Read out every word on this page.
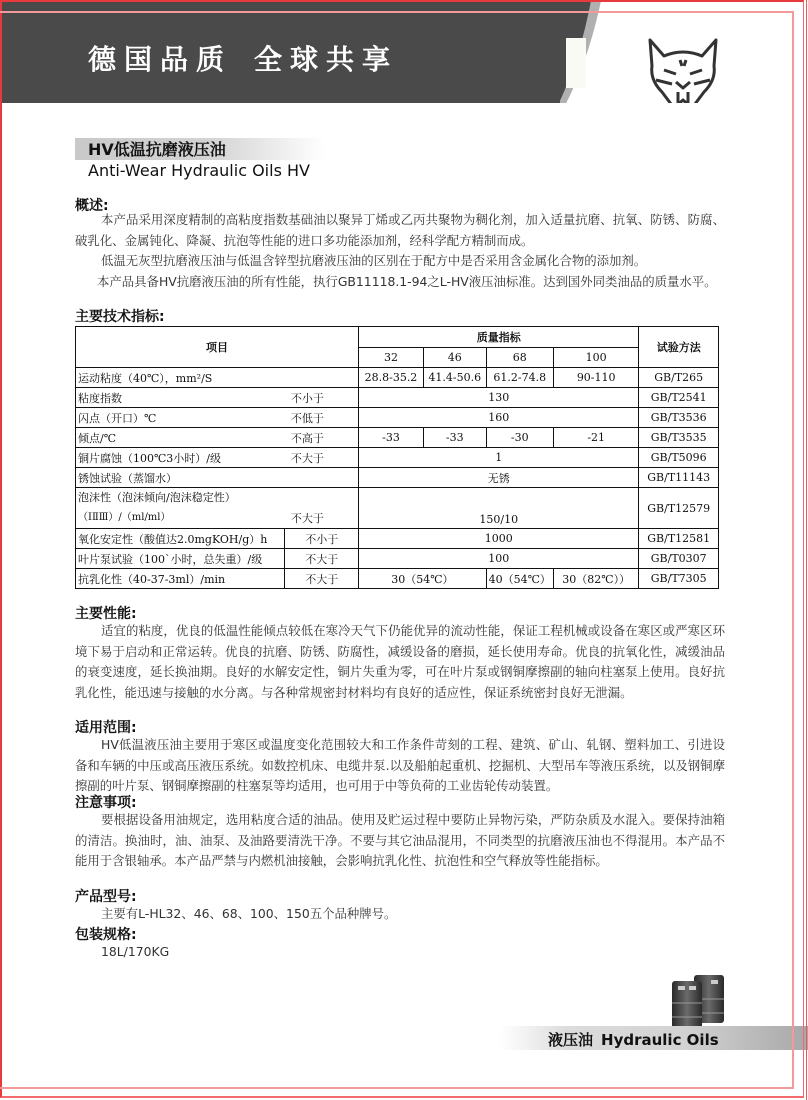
德国品质 全球共享
HV低温抗磨液压油
Anti-Wear Hydraulic Oils HV
概述:

本产品采用深度精制的高粘度指数基础油以聚异丁烯或乙丙共聚物为稠化剂，加入适量抗磨、抗氧、防锈、防腐、破乳化、金属钝化、降凝、抗泡等性能的进口多功能添加剂，经科学配方精制而成。

低温无灰型抗磨液压油与低温含锌型抗磨液压油的区别在于配方中是否采用含金属化合物的添加剂。

本产品具备HV抗磨液压油的所有性能，执行GB11118.1-94之L-HV液压油标准。达到国外同类油品的质量水平。

主要技术指标:
项目		质量指标				试验方法
		32	46	68	100	
运动粘度（40℃），mm²/S		28.8-35.2	41.4-50.6	61.2-74.8	90-110	GB/T265
粘度指数	不小于	130				GB/T2541
闪点（开口）℃	不低于	160				GB/T3536
倾点/℃	不高于	-33	-33	-30	-21	GB/T3535
铜片腐蚀（100℃3小时）/级	不大于	1				GB/T5096
锈蚀试验（蒸馏水）		无锈				GB/T11143

泡沫性（泡沫倾向/泡沫稳定性）
（ⅠⅡⅢ）/（ml/ml）	不大于	150/10				GB/T12579
氧化安定性（酸值达2.0mgKOH/g）h	不小于	1000				GB/T12581
叶片泵试验（100`小时，总失重）/级	不大于	100				GB/T0307
抗乳化性（40-37-3ml）/min	不大于	30（54℃）		40（54℃）	30（82℃））	GB/T7305
主要性能:

适宜的粘度，优良的低温性能倾点较低在寒冷天气下仍能优异的流动性能，保证工程机械或设备在寒区或严寒区环境下易于启动和正常运转。优良的抗磨、防锈、防腐性，减缓设备的磨损，延长使用寿命。优良的抗氧化性，减缓油品的衰变速度，延长换油期。良好的水解安定性，铜片失重为零，可在叶片泵或钢铜摩擦副的轴向柱塞泵上使用。良好抗乳化性，能迅速与接触的水分离。与各种常规密封材料均有良好的适应性，保证系统密封良好无泄漏。

适用范围:

HV低温液压油主要用于寒区或温度变化范围较大和工作条件苛刻的工程、建筑、矿山、轧钢、塑料加工、引进设备和车辆的中压或高压液压系统。如数控机床、电缆井泵.以及船舶起重机、挖掘机、大型吊车等液压系统，以及钢铜摩擦副的叶片泵、钢铜摩擦副的柱塞泵等均适用，也可用于中等负荷的工业齿轮传动装置。

注意事项:

要根据设备用油规定，选用粘度合适的油品。使用及贮运过程中要防止异物污染，严防杂质及水混入。要保持油箱的清洁。换油时，油、油泵、及油路要清洗干净。不要与其它油品混用，不同类型的抗磨液压油也不得混用。本产品不能用于含银轴承。本产品严禁与内燃机油接触，会影响抗乳化性、抗泡性和空气释放等性能指标。

产品型号:

主要有L-HL32、46、68、100、150五个品种牌号。

包装规格:

18L/170KG

液压油 Hydraulic Oils
